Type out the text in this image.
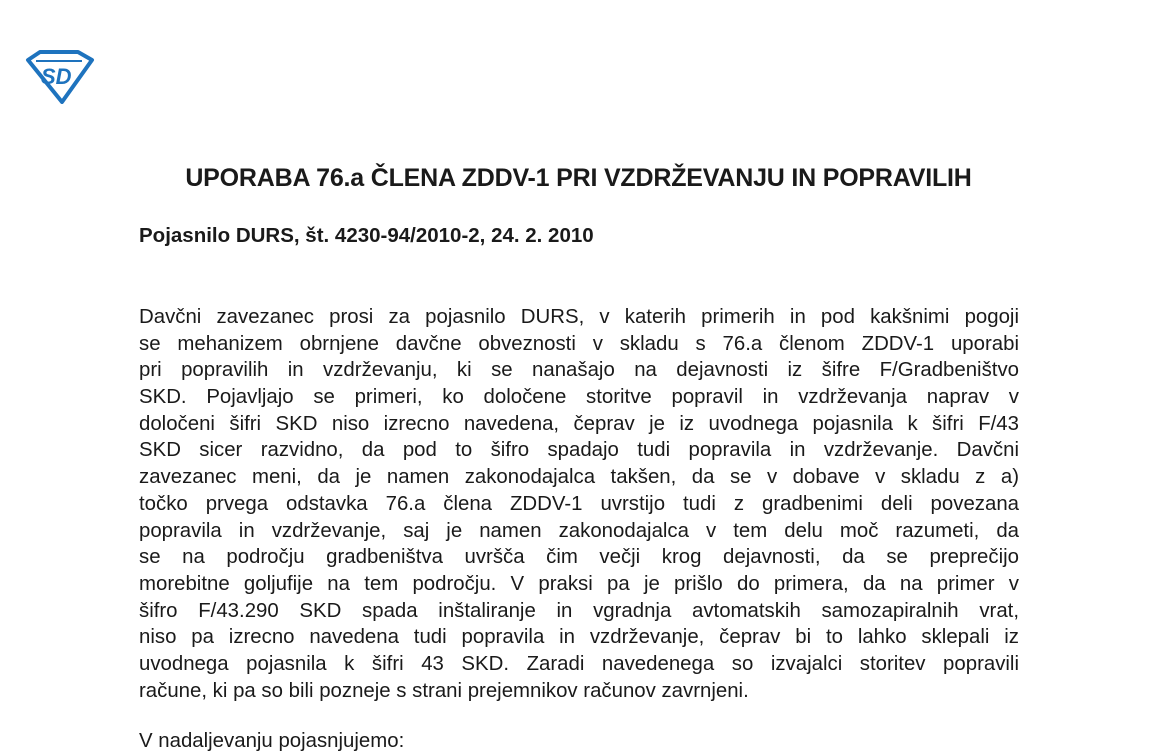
SD
UPORABA 76.a ČLENA ZDDV-1 PRI VZDRŽEVANJU IN POPRAVILIH
Pojasnilo DURS, št. 4230-94/2010-2, 24. 2. 2010
Davčni zavezanec prosi za pojasnilo DURS, v katerih primerih in pod kakšnimi pogoji
se mehanizem obrnjene davčne obveznosti v skladu s 76.a členom ZDDV-1 uporabi
pri popravilih in vzdrževanju, ki se nanašajo na dejavnosti iz šifre F/Gradbeništvo
SKD. Pojavljajo se primeri, ko določene storitve popravil in vzdrževanja naprav v
določeni šifri SKD niso izrecno navedena, čeprav je iz uvodnega pojasnila k šifri F/43
SKD sicer razvidno, da pod to šifro spadajo tudi popravila in vzdrževanje. Davčni
zavezanec meni, da je namen zakonodajalca takšen, da se v dobave v skladu z a)
točko prvega odstavka 76.a člena ZDDV-1 uvrstijo tudi z gradbenimi deli povezana
popravila in vzdrževanje, saj je namen zakonodajalca v tem delu moč razumeti, da
se na področju gradbeništva uvršča čim večji krog dejavnosti, da se preprečijo
morebitne goljufije na tem področju. V praksi pa je prišlo do primera, da na primer v
šifro F/43.290 SKD spada inštaliranje in vgradnja avtomatskih samozapiralnih vrat,
niso pa izrecno navedena tudi popravila in vzdrževanje, čeprav bi to lahko sklepali iz
uvodnega pojasnila k šifri 43 SKD. Zaradi navedenega so izvajalci storitev popravili
račune, ki pa so bili pozneje s strani prejemnikov računov zavrnjeni.

V nadaljevanju pojasnjujemo:
